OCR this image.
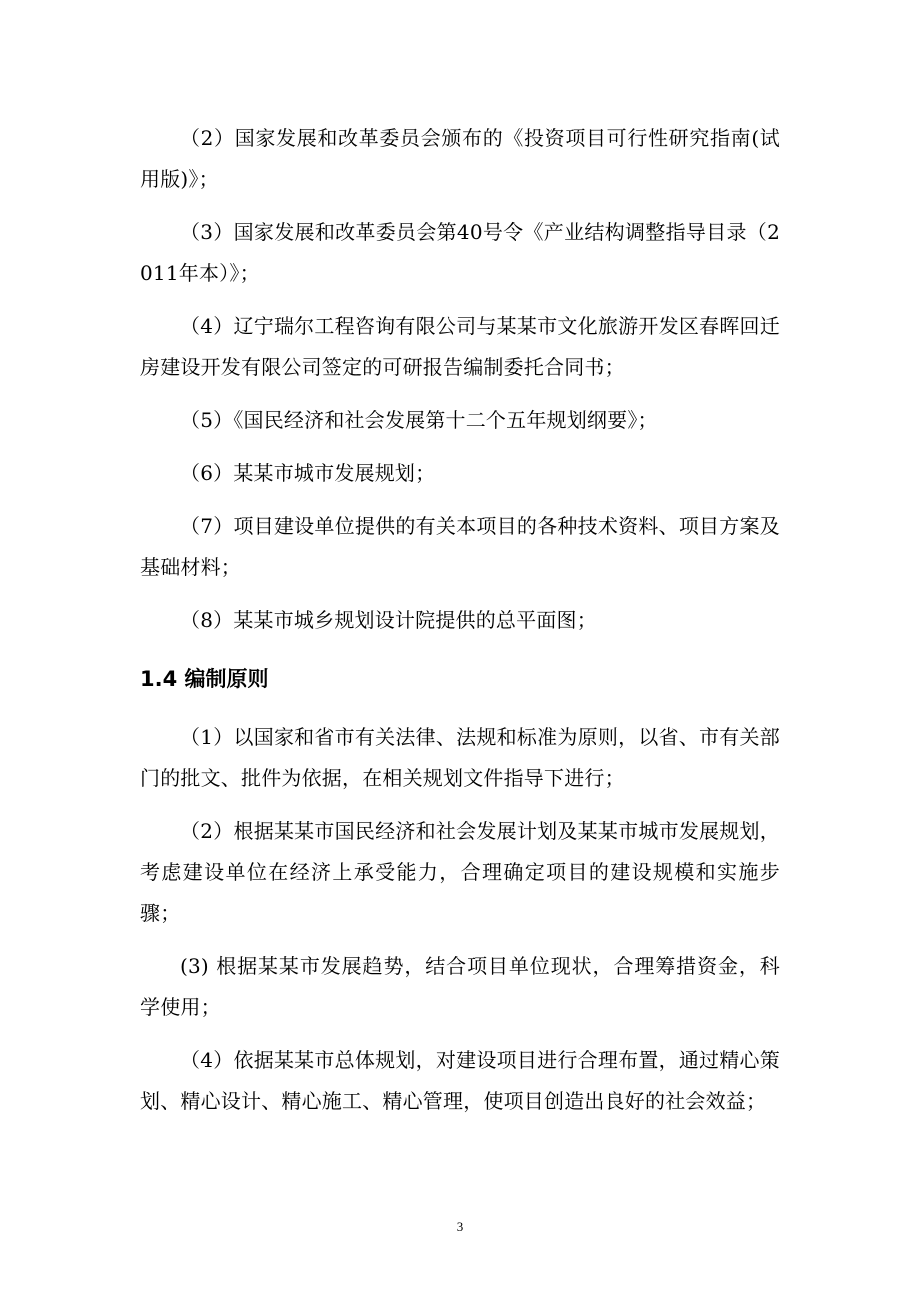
（2）国家发展和改革委员会颁布的《投资项目可行性研究指南(试用版)》；

（3）国家发展和改革委员会第40号令《产业结构调整指导目录（2011年本）》；

（4）辽宁瑞尔工程咨询有限公司与某某市文化旅游开发区春晖回迁房建设开发有限公司签定的可研报告编制委托合同书；

（5）《国民经济和社会发展第十二个五年规划纲要》；

（6）某某市城市发展规划；

（7）项目建设单位提供的有关本项目的各种技术资料、项目方案及基础材料；

（8）某某市城乡规划设计院提供的总平面图；

1.4 编制原则

（1）以国家和省市有关法律、法规和标准为原则，以省、市有关部门的批文、批件为依据，在相关规划文件指导下进行；

（2）根据某某市国民经济和社会发展计划及某某市城市发展规划，考虑建设单位在经济上承受能力，合理确定项目的建设规模和实施步骤；

(3) 根据某某市发展趋势，结合项目单位现状，合理筹措资金，科学使用；

（4）依据某某市总体规划，对建设项目进行合理布置，通过精心策划、精心设计、精心施工、精心管理，使项目创造出良好的社会效益；

3
